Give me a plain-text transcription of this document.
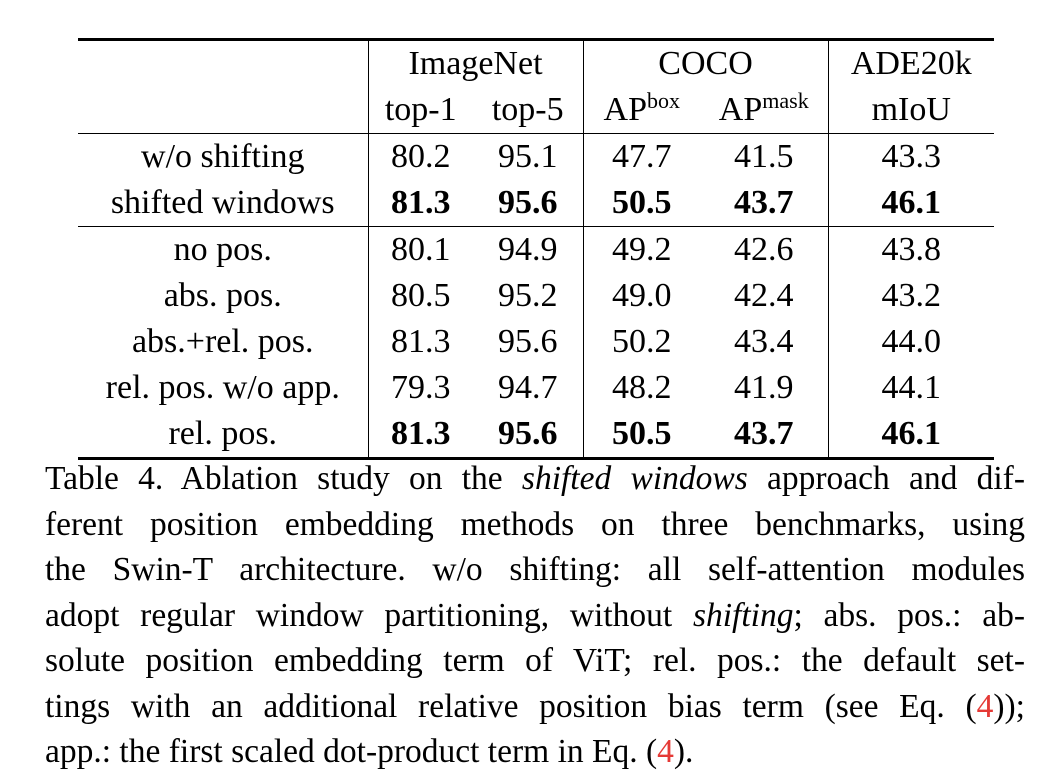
	ImageNet		COCO		ADE20k
	top-1	top-5	$AP^{box}$	$AP^{mask}$	mIoU
w/o shifting	80.2	95.1	47.7	41.5	43.3
shifted windows	81.3	95.6	50.5	43.7	46.1
no pos.	80.1	94.9	49.2	42.6	43.8
abs. pos.	80.5	95.2	49.0	42.4	43.2
abs.+rel. pos.	81.3	95.6	50.2	43.4	44.0
rel. pos. w/o app.	79.3	94.7	48.2	41.9	44.1
rel. pos.	81.3	95.6	50.5	43.7	46.1

Table 4. Ablation study on the shifted windows approach and dif-
ferent position embedding methods on three benchmarks, using
the Swin-T architecture. w/o shifting: all self-attention modules
adopt regular window partitioning, without shifting; abs. pos.: ab-
solute position embedding term of ViT; rel. pos.: the default set-
tings with an additional relative position bias term (see Eq. (4));
app.: the first scaled dot-product term in Eq. (4).
